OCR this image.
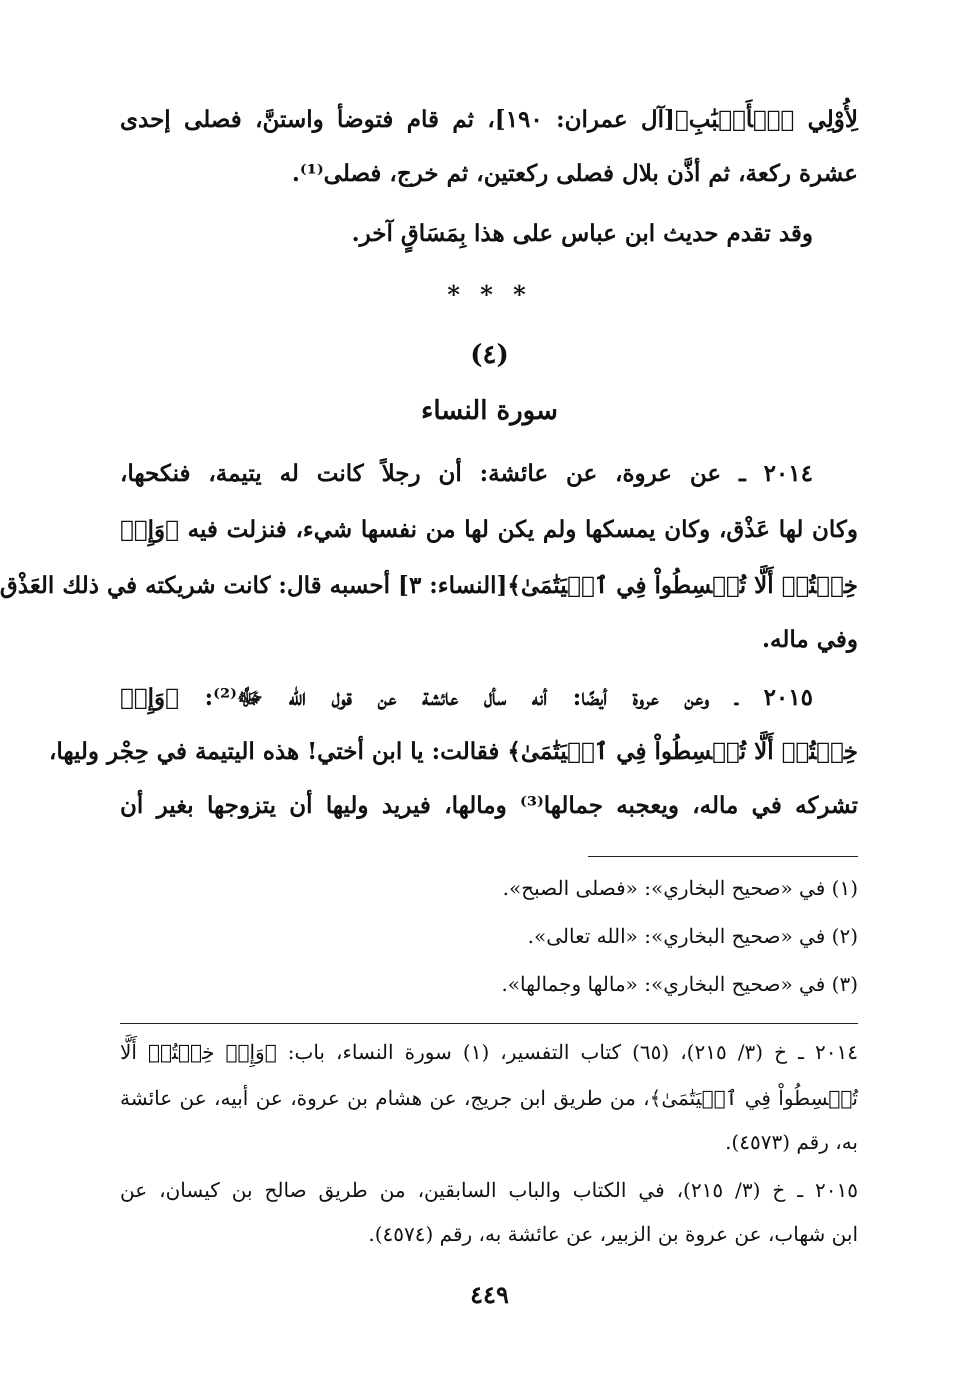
لِأُوْلِي ٱلۡأَلۡبَٰبِ﴾[آل عمران: ١٩٠]، ثم قام فتوضأ واستنَّ، فصلى إحدى
عشرة ركعة، ثم أذَّن بلال فصلى ركعتين، ثم خرج، فصلى⁽¹⁾.
وقد تقدم حديث ابن عباس على هذا بِمَسَاقٍ آخر.
* * *
(٤)
سورة النساء
٢٠١٤ ـ عن عروة، عن عائشة: أن رجلاً كانت له يتيمة، فنكحها،
وكان لها عَذْق، وكان يمسكها ولم يكن لها من نفسها شيء، فنزلت فيه ﴿وَإِنۡ
خِفۡتُمۡ أَلَّا تُقۡسِطُواْ فِي ٱلۡيَتَٰمَىٰ﴾[النساء: ٣] أحسبه قال: كانت شريكته في ذلك العَذْق
وفي ماله.
٢٠١٥ ـ وعن عروة أيضًا: أنه سأل عائشة عن قول الله ﷻ⁽²⁾: ﴿وَإِنۡ
خِفۡتُمۡ أَلَّا تُقۡسِطُواْ فِي ٱلۡيَتَٰمَىٰ﴾ فقالت: يا ابن أختي! هذه اليتيمة في حِجْر وليها،
تشركه في ماله، ويعجبه جمالها⁽³⁾ ومالها، فيريد وليها أن يتزوجها بغير أن
(١) في «صحيح البخاري»: «فصلى الصبح».
(٢) في «صحيح البخاري»: «الله تعالى».
(٣) في «صحيح البخاري»: «مالها وجمالها».
٢٠١٤ ـ خ (٣/ ٢١٥)، (٦٥) كتاب التفسير، (١) سورة النساء، باب: ﴿وَإِنۡ خِفۡتُمۡ أَلَّا
تُقۡسِطُواْ فِي ٱلۡيَتَٰمَىٰ﴾، من طريق ابن جريج، عن هشام بن عروة، عن أبيه، عن عائشة
به، رقم (٤٥٧٣).
٢٠١٥ ـ خ (٣/ ٢١٥)، في الكتاب والباب السابقين، من طريق صالح بن كيسان، عن
ابن شهاب، عن عروة بن الزبير، عن عائشة به، رقم (٤٥٧٤).
٤٤٩
